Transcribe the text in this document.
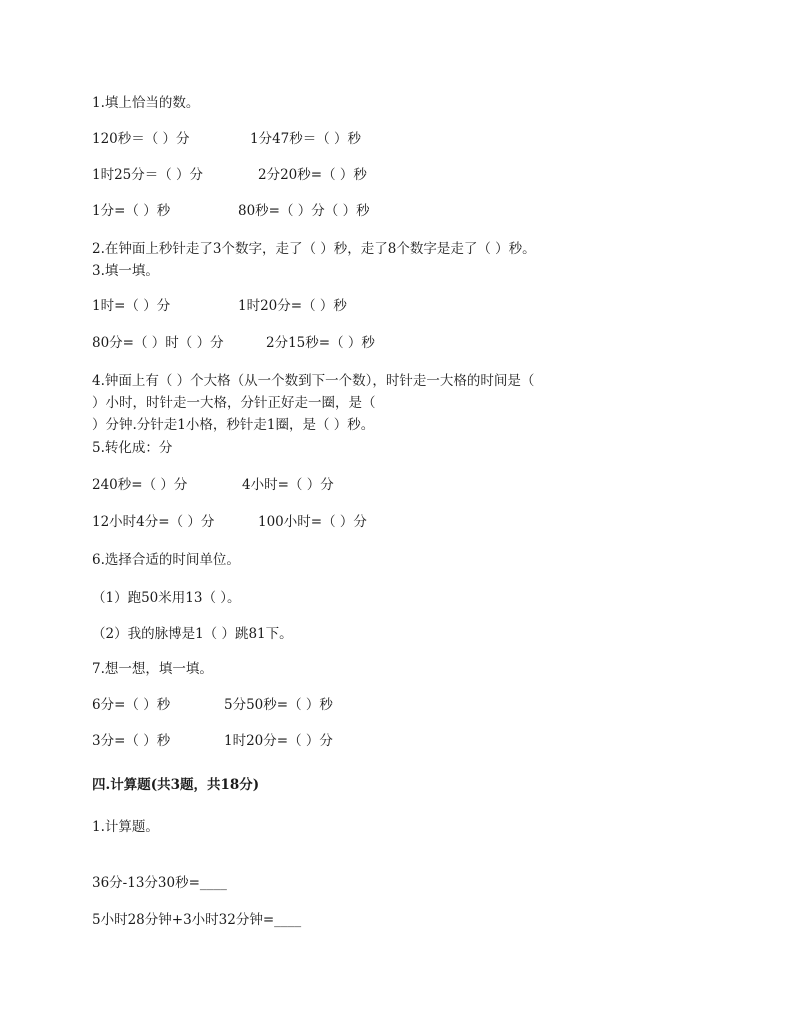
1.填上恰当的数。
120秒＝（ ）分	1分47秒＝（ ）秒
1时25分＝（ ）分	2分20秒=（ ）秒
1分=（ ）秒	80秒=（ ）分（ ）秒
2.在钟面上秒针走了3个数字，走了（ ）秒，走了8个数字是走了（ ）秒。
3.填一填。
1时=（ ）分	1时20分=（ ）秒
80分=（ ）时（ ）分	2分15秒=（ ）秒
4.钟面上有（ ）个大格（从一个数到下一个数），时针走一大格的时间是（
）小时，时针走一大格，分针正好走一圈，是（
）分钟.分针走1小格，秒针走1圈，是（ ）秒。
5.转化成：分
240秒=（ ）分	4小时=（ ）分
12小时4分=（ ）分	100小时=（ ）分
6.选择合适的时间单位。
（1）跑50米用13（ ）。
（2）我的脉博是1（ ）跳81下。
7.想一想，填一填。
6分=（ ）秒	5分50秒=（ ）秒
3分=（ ）秒	1时20分=（ ）分
四.计算题(共3题，共18分)
1.计算题。
36分-13分30秒=____
5小时28分钟+3小时32分钟=____
